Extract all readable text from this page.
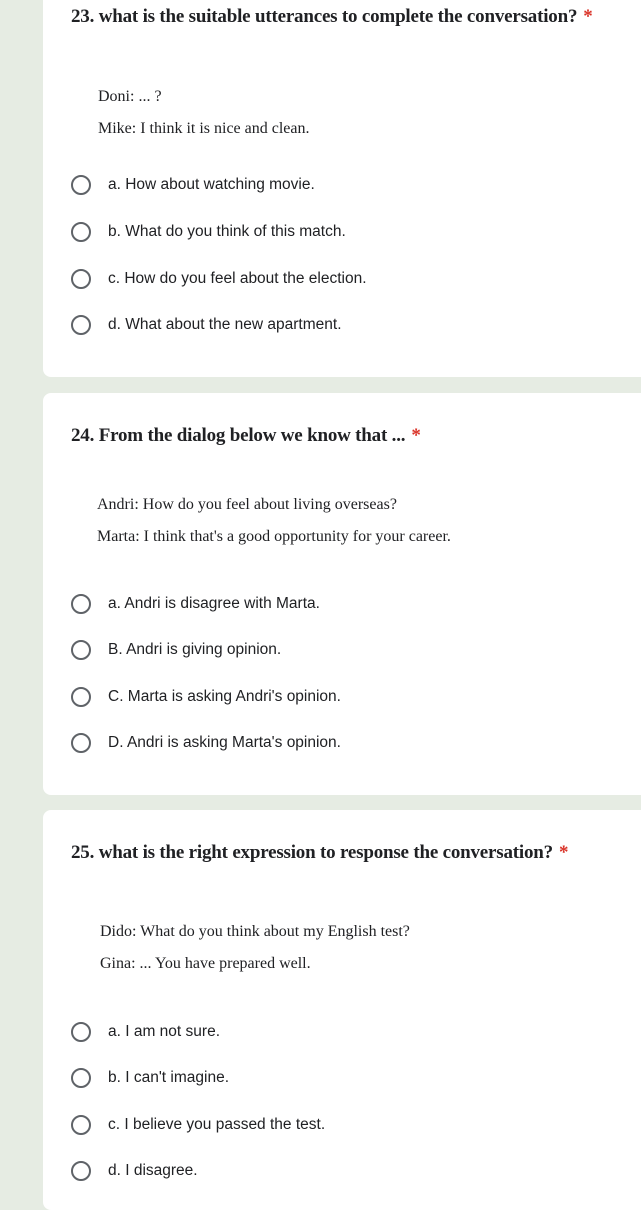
23. what is the suitable utterances to complete the conversation? *
Doni: ... ?
Mike: I think it is nice and clean.
a. How about watching movie.
b. What do you think of this match.
c. How do you feel about the election.
d. What about the new apartment.
24. From the dialog below we know that ... *
Andri: How do you feel about living overseas?
Marta: I think that's a good opportunity for your career.
a. Andri is disagree with Marta.
B. Andri is giving opinion.
C. Marta is asking Andri's opinion.
D. Andri is asking Marta's opinion.
25. what is the right expression to response the conversation? *
Dido: What do you think about my English test?
Gina: ... You have prepared well.
a. I am not sure.
b. I can't imagine.
c. I believe you passed the test.
d. I disagree.
